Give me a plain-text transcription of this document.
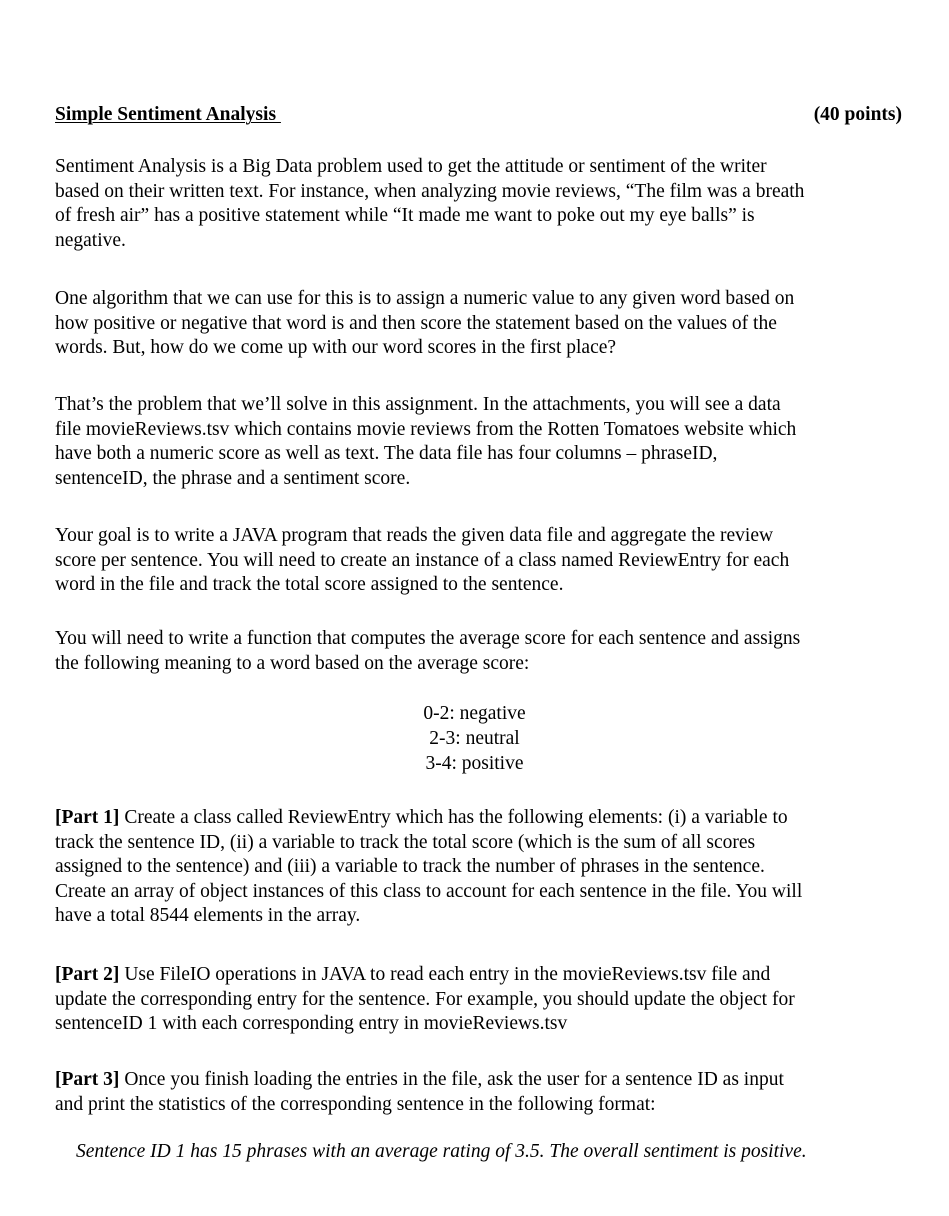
Simple Sentiment Analysis	(40 points)

Sentiment Analysis is a Big Data problem used to get the attitude or sentiment of the writer
based on their written text. For instance, when analyzing movie reviews, “The film was a breath
of fresh air” has a positive statement while “It made me want to poke out my eye balls” is
negative.

One algorithm that we can use for this is to assign a numeric value to any given word based on
how positive or negative that word is and then score the statement based on the values of the
words. But, how do we come up with our word scores in the first place?

That’s the problem that we’ll solve in this assignment. In the attachments, you will see a data
file movieReviews.tsv which contains movie reviews from the Rotten Tomatoes website which
have both a numeric score as well as text. The data file has four columns – phraseID,
sentenceID, the phrase and a sentiment score.

Your goal is to write a JAVA program that reads the given data file and aggregate the review
score per sentence. You will need to create an instance of a class named ReviewEntry for each
word in the file and track the total score assigned to the sentence.

You will need to write a function that computes the average score for each sentence and assigns
the following meaning to a word based on the average score:

0-2: negative
2-3: neutral
3-4: positive

[Part 1] Create a class called ReviewEntry which has the following elements: (i) a variable to
track the sentence ID, (ii) a variable to track the total score (which is the sum of all scores
assigned to the sentence) and (iii) a variable to track the number of phrases in the sentence.
Create an array of object instances of this class to account for each sentence in the file. You will
have a total 8544 elements in the array.

[Part 2] Use FileIO operations in JAVA to read each entry in the movieReviews.tsv file and
update the corresponding entry for the sentence. For example, you should update the object for
sentenceID 1 with each corresponding entry in movieReviews.tsv

[Part 3] Once you finish loading the entries in the file, ask the user for a sentence ID as input
and print the statistics of the corresponding sentence in the following format:

Sentence ID 1 has 15 phrases with an average rating of 3.5. The overall sentiment is positive.
